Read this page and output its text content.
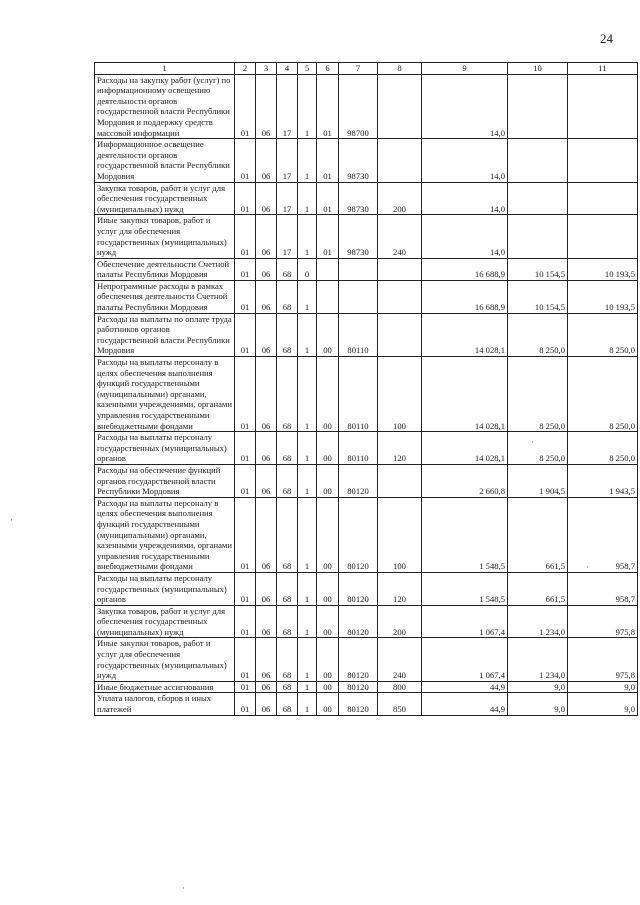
24
·
·
·
·
1	2	3	4	5	6	7	8	9	10	11
Расходы на закупку работ (услуг) по информационному освещению деятельности органов государственной власти Республики Мордовия и поддержку средств массовой информации	01	06	17	1	01	98700		14,0		
Информационное освещение деятельности органов государственной власти Республики Мордовия	01	06	17	1	01	98730		14,0		
Закупка товаров, работ и услуг для обеспечения государственных (муниципальных) нужд	01	06	17	1	01	98730	200	14,0		
Иные закупки товаров, работ и услуг для обеспечения государственных (муниципальных) нужд	01	06	17	1	01	98730	240	14,0		
Обеспечение деятельности Счетной палаты Республики Мордовия	01	06	68	0				16 688,9	10 154,5	10 193,5
Непрограммные расходы в рамках обеспечения деятельности Счетной палаты Республики Мордовия	01	06	68	1				16 688,9	10 154,5	10 193,5
Расходы на выплаты по оплате труда работников органов государственной власти Республики Мордовия	01	06	68	1	00	80110		14 028,1	8 250,0	8 250,0
Расходы на выплаты персоналу в целях обеспечения выполнения функций государственными (муниципальными) органами, казенными учреждениями, органами управления государственными внебюджетными фондами	01	06	68	1	00	80110	100	14 028,1	8 250,0	8 250,0
Расходы на выплаты персоналу государственных (муниципальных) органов	01	06	68	1	00	80110	120	14 028,1	8 250,0	8 250,0
Расходы на обеспечение функций органов государственной власти Республики Мордовия	01	06	68	1	00	80120		2 660,8	1 904,5	1 943,5
Расходы на выплаты персоналу в целях обеспечения выполнения функций государственными (муниципальными) органами, казенными учреждениями, органами управления государственными внебюджетными фондами	01	06	68	1	00	80120	100	1 548,5	661,5	958,7
Расходы на выплаты персоналу государственных (муниципальных) органов	01	06	68	1	00	80120	120	1 548,5	661,5	958,7
Закупка товаров, работ и услуг для обеспечения государственных (муниципальных) нужд	01	06	68	1	00	80120	200	1 067,4	1 234,0	975,8
Иные закупки товаров, работ и услуг для обеспечения государственных (муниципальных) нужд	01	06	68	1	00	80120	240	1 067,4	1 234,0	975,8
Иные бюджетные ассигнования	01	06	68	1	00	80120	800	44,9	9,0	9,0
Уплата налогов, сборов и иных платежей	01	06	68	1	00	80120	850	44,9	9,0	9,0
